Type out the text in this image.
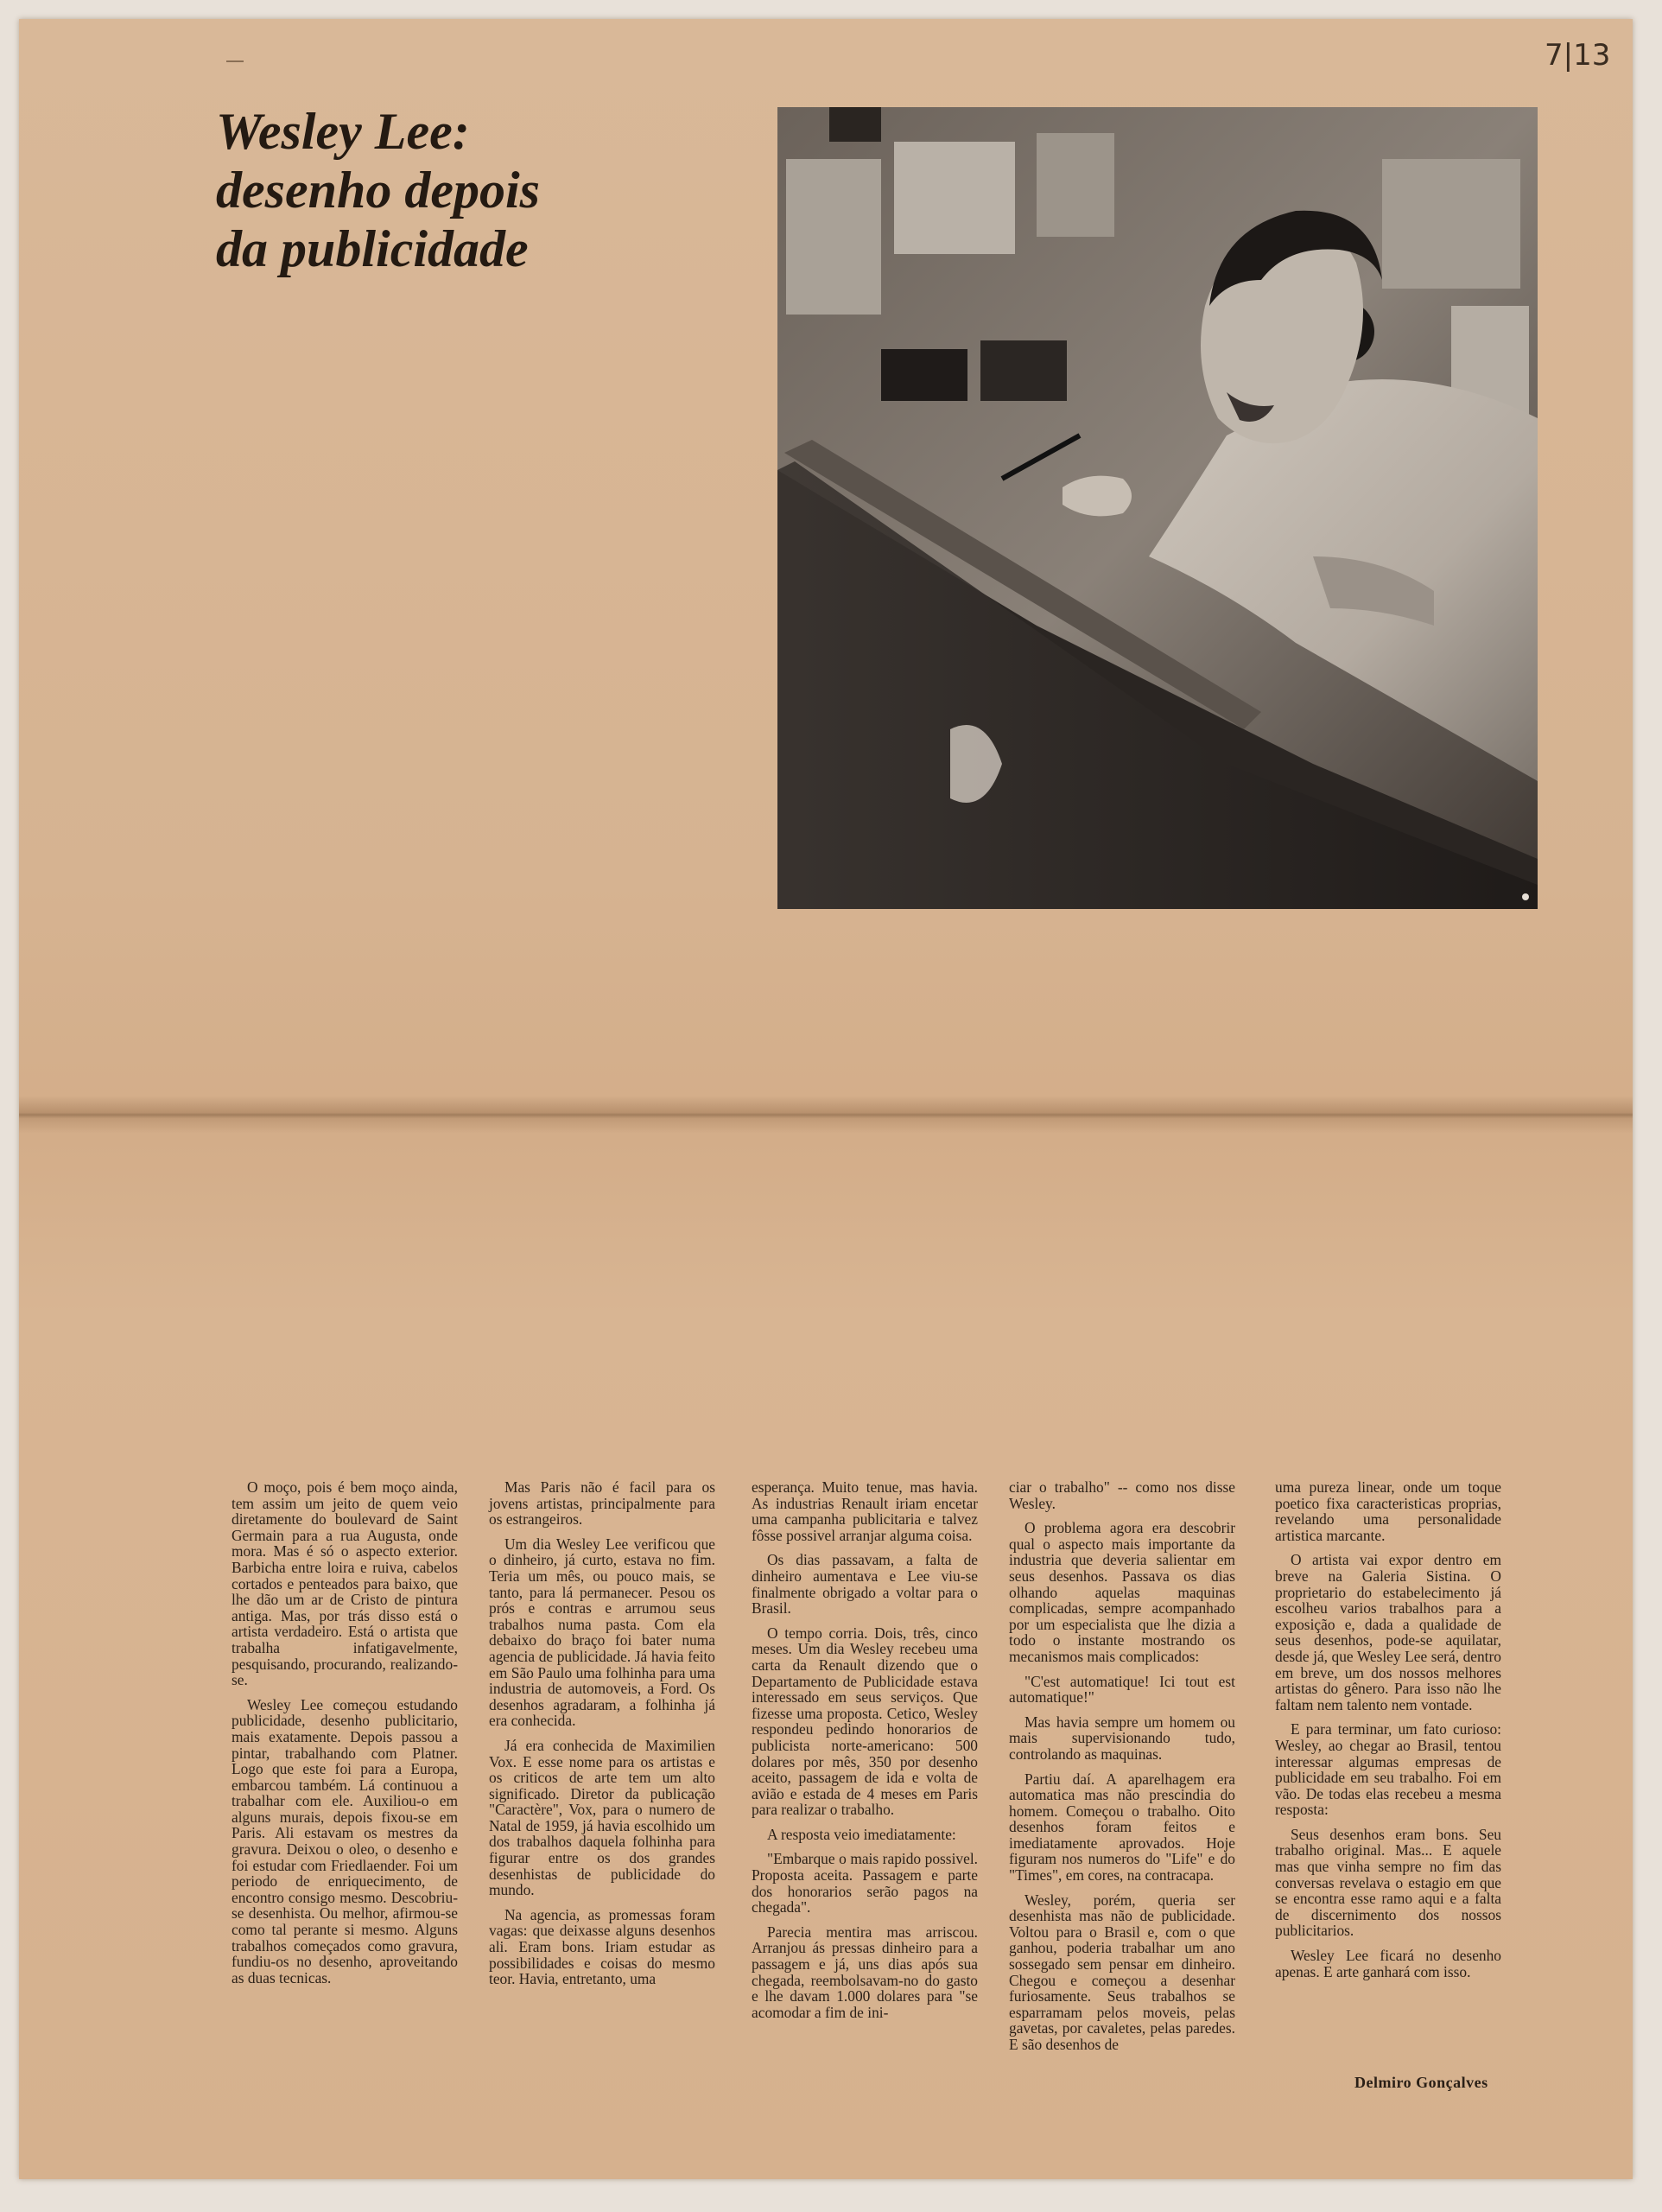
7|13
Wesley Lee:
desenho depois
da publicidade

O moço, pois é bem moço ainda, tem assim um jeito de quem veio diretamente do boulevard de Saint Germain para a rua Augusta, onde mora. Mas é só o aspecto exterior. Barbicha entre loira e ruiva, cabelos cortados e penteados para baixo, que lhe dão um ar de Cristo de pintura antiga. Mas, por trás disso está o artista verdadeiro. Está o artista que trabalha infatigavelmente, pesquisando, procurando, realizando-se.

Wesley Lee começou estudando publicidade, desenho publicitario, mais exatamente. Depois passou a pintar, trabalhando com Platner. Logo que este foi para a Europa, embarcou também. Lá continuou a trabalhar com ele. Auxiliou-o em alguns murais, depois fixou-se em Paris. Ali estavam os mestres da gravura. Deixou o oleo, o desenho e foi estudar com Friedlaender. Foi um periodo de enriquecimento, de encontro consigo mesmo. Descobriu-se desenhista. Ou melhor, afirmou-se como tal perante si mesmo. Alguns trabalhos começados como gravura, fundiu-os no desenho, aproveitando as duas tecnicas.

Mas Paris não é facil para os jovens artistas, principalmente para os estrangeiros.

Um dia Wesley Lee verificou que o dinheiro, já curto, estava no fim. Teria um mês, ou pouco mais, se tanto, para lá permanecer. Pesou os prós e contras e arrumou seus trabalhos numa pasta. Com ela debaixo do braço foi bater numa agencia de publicidade. Já havia feito em São Paulo uma folhinha para uma industria de automoveis, a Ford. Os desenhos agradaram, a folhinha já era conhecida.

Já era conhecida de Maximilien Vox. E esse nome para os artistas e os criticos de arte tem um alto significado. Diretor da publicação "Caractère", Vox, para o numero de Natal de 1959, já havia escolhido um dos trabalhos daquela folhinha para figurar entre os dos grandes desenhistas de publicidade do mundo.

Na agencia, as promessas foram vagas: que deixasse alguns desenhos ali. Eram bons. Iriam estudar as possibilidades e coisas do mesmo teor. Havia, entretanto, uma

esperança. Muito tenue, mas havia. As industrias Renault iriam encetar uma campanha publicitaria e talvez fôsse possivel arranjar alguma coisa.

Os dias passavam, a falta de dinheiro aumentava e Lee viu-se finalmente obrigado a voltar para o Brasil.

O tempo corria. Dois, três, cinco meses. Um dia Wesley recebeu uma carta da Renault dizendo que o Departamento de Publicidade estava interessado em seus serviços. Que fizesse uma proposta. Cetico, Wesley respondeu pedindo honorarios de publicista norte-americano: 500 dolares por mês, 350 por desenho aceito, passagem de ida e volta de avião e estada de 4 meses em Paris para realizar o trabalho.

A resposta veio imediatamente:

"Embarque o mais rapido possivel. Proposta aceita. Passagem e parte dos honorarios serão pagos na chegada".

Parecia mentira mas arriscou. Arranjou ás pressas dinheiro para a passagem e já, uns dias após sua chegada, reembolsavam-no do gasto e lhe davam 1.000 dolares para "se acomodar a fim de ini-

ciar o trabalho" -- como nos disse Wesley.

O problema agora era descobrir qual o aspecto mais importante da industria que deveria salientar em seus desenhos. Passava os dias olhando aquelas maquinas complicadas, sempre acompanhado por um especialista que lhe dizia a todo o instante mostrando os mecanismos mais complicados:

"C'est automatique! Ici tout est automatique!"

Mas havia sempre um homem ou mais supervisionando tudo, controlando as maquinas.

Partiu daí. A aparelhagem era automatica mas não prescindia do homem. Começou o trabalho. Oito desenhos foram feitos e imediatamente aprovados. Hoje figuram nos numeros do "Life" e do "Times", em cores, na contracapa.

Wesley, porém, queria ser desenhista mas não de publicidade. Voltou para o Brasil e, com o que ganhou, poderia trabalhar um ano sossegado sem pensar em dinheiro. Chegou e começou a desenhar furiosamente. Seus trabalhos se esparramam pelos moveis, pelas gavetas, por cavaletes, pelas paredes. E são desenhos de

uma pureza linear, onde um toque poetico fixa caracteristicas proprias, revelando uma personalidade artistica marcante.

O artista vai expor dentro em breve na Galeria Sistina. O proprietario do estabelecimento já escolheu varios trabalhos para a exposição e, dada a qualidade de seus desenhos, pode-se aquilatar, desde já, que Wesley Lee será, dentro em breve, um dos nossos melhores artistas do gênero. Para isso não lhe faltam nem talento nem vontade.

E para terminar, um fato curioso: Wesley, ao chegar ao Brasil, tentou interessar algumas empresas de publicidade em seu trabalho. Foi em vão. De todas elas recebeu a mesma resposta:

Seus desenhos eram bons. Seu trabalho original. Mas... E aquele mas que vinha sempre no fim das conversas revelava o estagio em que se encontra esse ramo aqui e a falta de discernimento dos nossos publicitarios.

Wesley Lee ficará no desenho apenas. E arte ganhará com isso.

Delmiro Gonçalves
